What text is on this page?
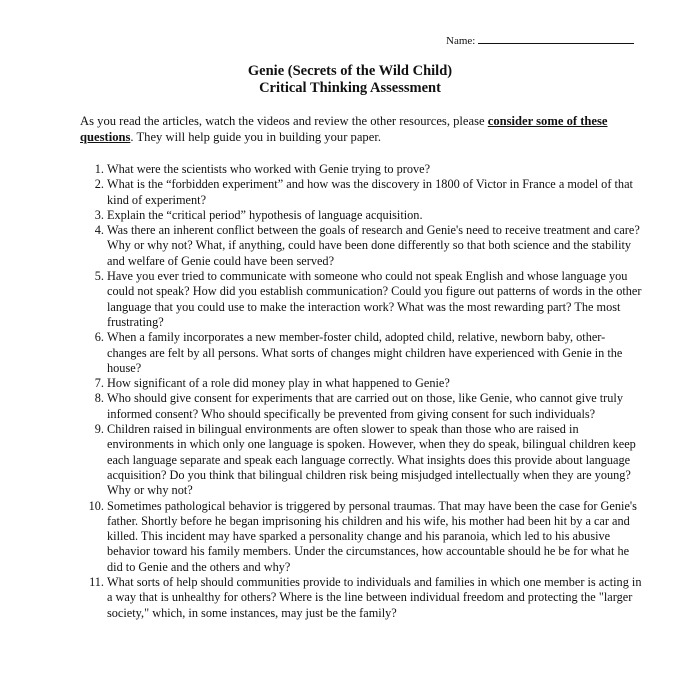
Name:
Genie (Secrets of the Wild Child)
Critical Thinking Assessment

As you read the articles, watch the videos and review the other resources, please consider some of these questions. They will help guide you in building your paper.

1. What were the scientists who worked with Genie trying to prove?
2. What is the “forbidden experiment” and how was the discovery in 1800 of Victor in France a model of that kind of experiment?
3. Explain the “critical period” hypothesis of language acquisition.
4. Was there an inherent conflict between the goals of research and Genie's need to receive treatment and care? Why or why not? What, if anything, could have been done differently so that both science and the stability and welfare of Genie could have been served?
5. Have you ever tried to communicate with someone who could not speak English and whose language you could not speak? How did you establish communication? Could you figure out patterns of words in the other language that you could use to make the interaction work? What was the most rewarding part? The most frustrating?
6. When a family incorporates a new member-foster child, adopted child, relative, newborn baby, other-changes are felt by all persons. What sorts of changes might children have experienced with Genie in the house?
7. How significant of a role did money play in what happened to Genie?
8. Who should give consent for experiments that are carried out on those, like Genie, who cannot give truly informed consent? Who should specifically be prevented from giving consent for such individuals?
9. Children raised in bilingual environments are often slower to speak than those who are raised in environments in which only one language is spoken. However, when they do speak, bilingual children keep each language separate and speak each language correctly. What insights does this provide about language acquisition? Do you think that bilingual children risk being misjudged intellectually when they are young? Why or why not?
10. Sometimes pathological behavior is triggered by personal traumas. That may have been the case for Genie's father. Shortly before he began imprisoning his children and his wife, his mother had been hit by a car and killed. This incident may have sparked a personality change and his paranoia, which led to his abusive behavior toward his family members. Under the circumstances, how accountable should he be for what he did to Genie and the others and why?
11. What sorts of help should communities provide to individuals and families in which one member is acting in a way that is unhealthy for others? Where is the line between individual freedom and protecting the "larger society," which, in some instances, may just be the family?
